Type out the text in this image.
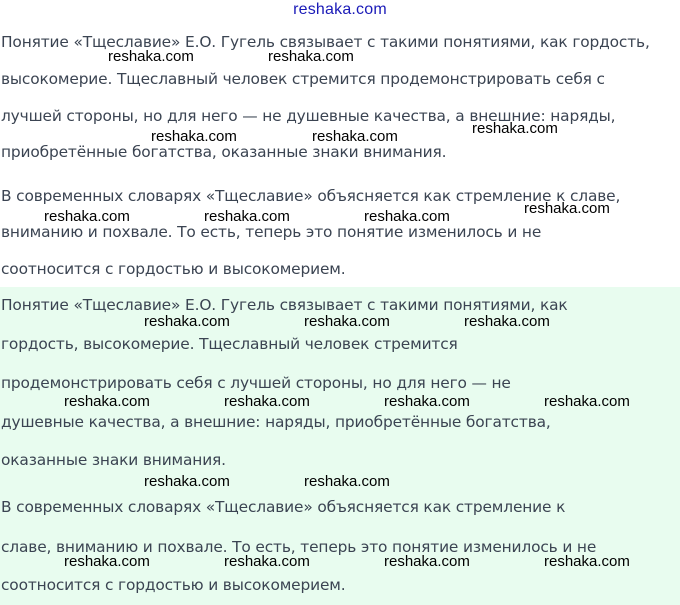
reshaka.com
Понятие «Тщеславие» Е.О. Гугель связывает с такими понятиями, как гордость,
высокомерие. Тщеславный человек стремится продемонстрировать себя с
лучшей стороны, но для него — не душевные качества, а внешние: наряды,
приобретённые богатства, оказанные знаки внимания.
В современных словарях «Тщеславие» объясняется как стремление к славе,
вниманию и похвале. То есть, теперь это понятие изменилось и не
соотносится с гордостью и высокомерием.
Понятие «Тщеславие» Е.О. Гугель связывает с такими понятиями, как
гордость, высокомерие. Тщеславный человек стремится
продемонстрировать себя с лучшей стороны, но для него — не
душевные качества, а внешние: наряды, приобретённые богатства,
оказанные знаки внимания.
В современных словарях «Тщеславие» объясняется как стремление к
славе, вниманию и похвале. То есть, теперь это понятие изменилось и не
соотносится с гордостью и высокомерием.
reshaka.com	reshaka.com
reshaka.com
reshaka.com	reshaka.com
reshaka.com
reshaka.com	reshaka.com	reshaka.com
reshaka.com	reshaka.com	reshaka.com
reshaka.com	reshaka.com	reshaka.com	reshaka.com
reshaka.com	reshaka.com
reshaka.com	reshaka.com	reshaka.com	reshaka.com
